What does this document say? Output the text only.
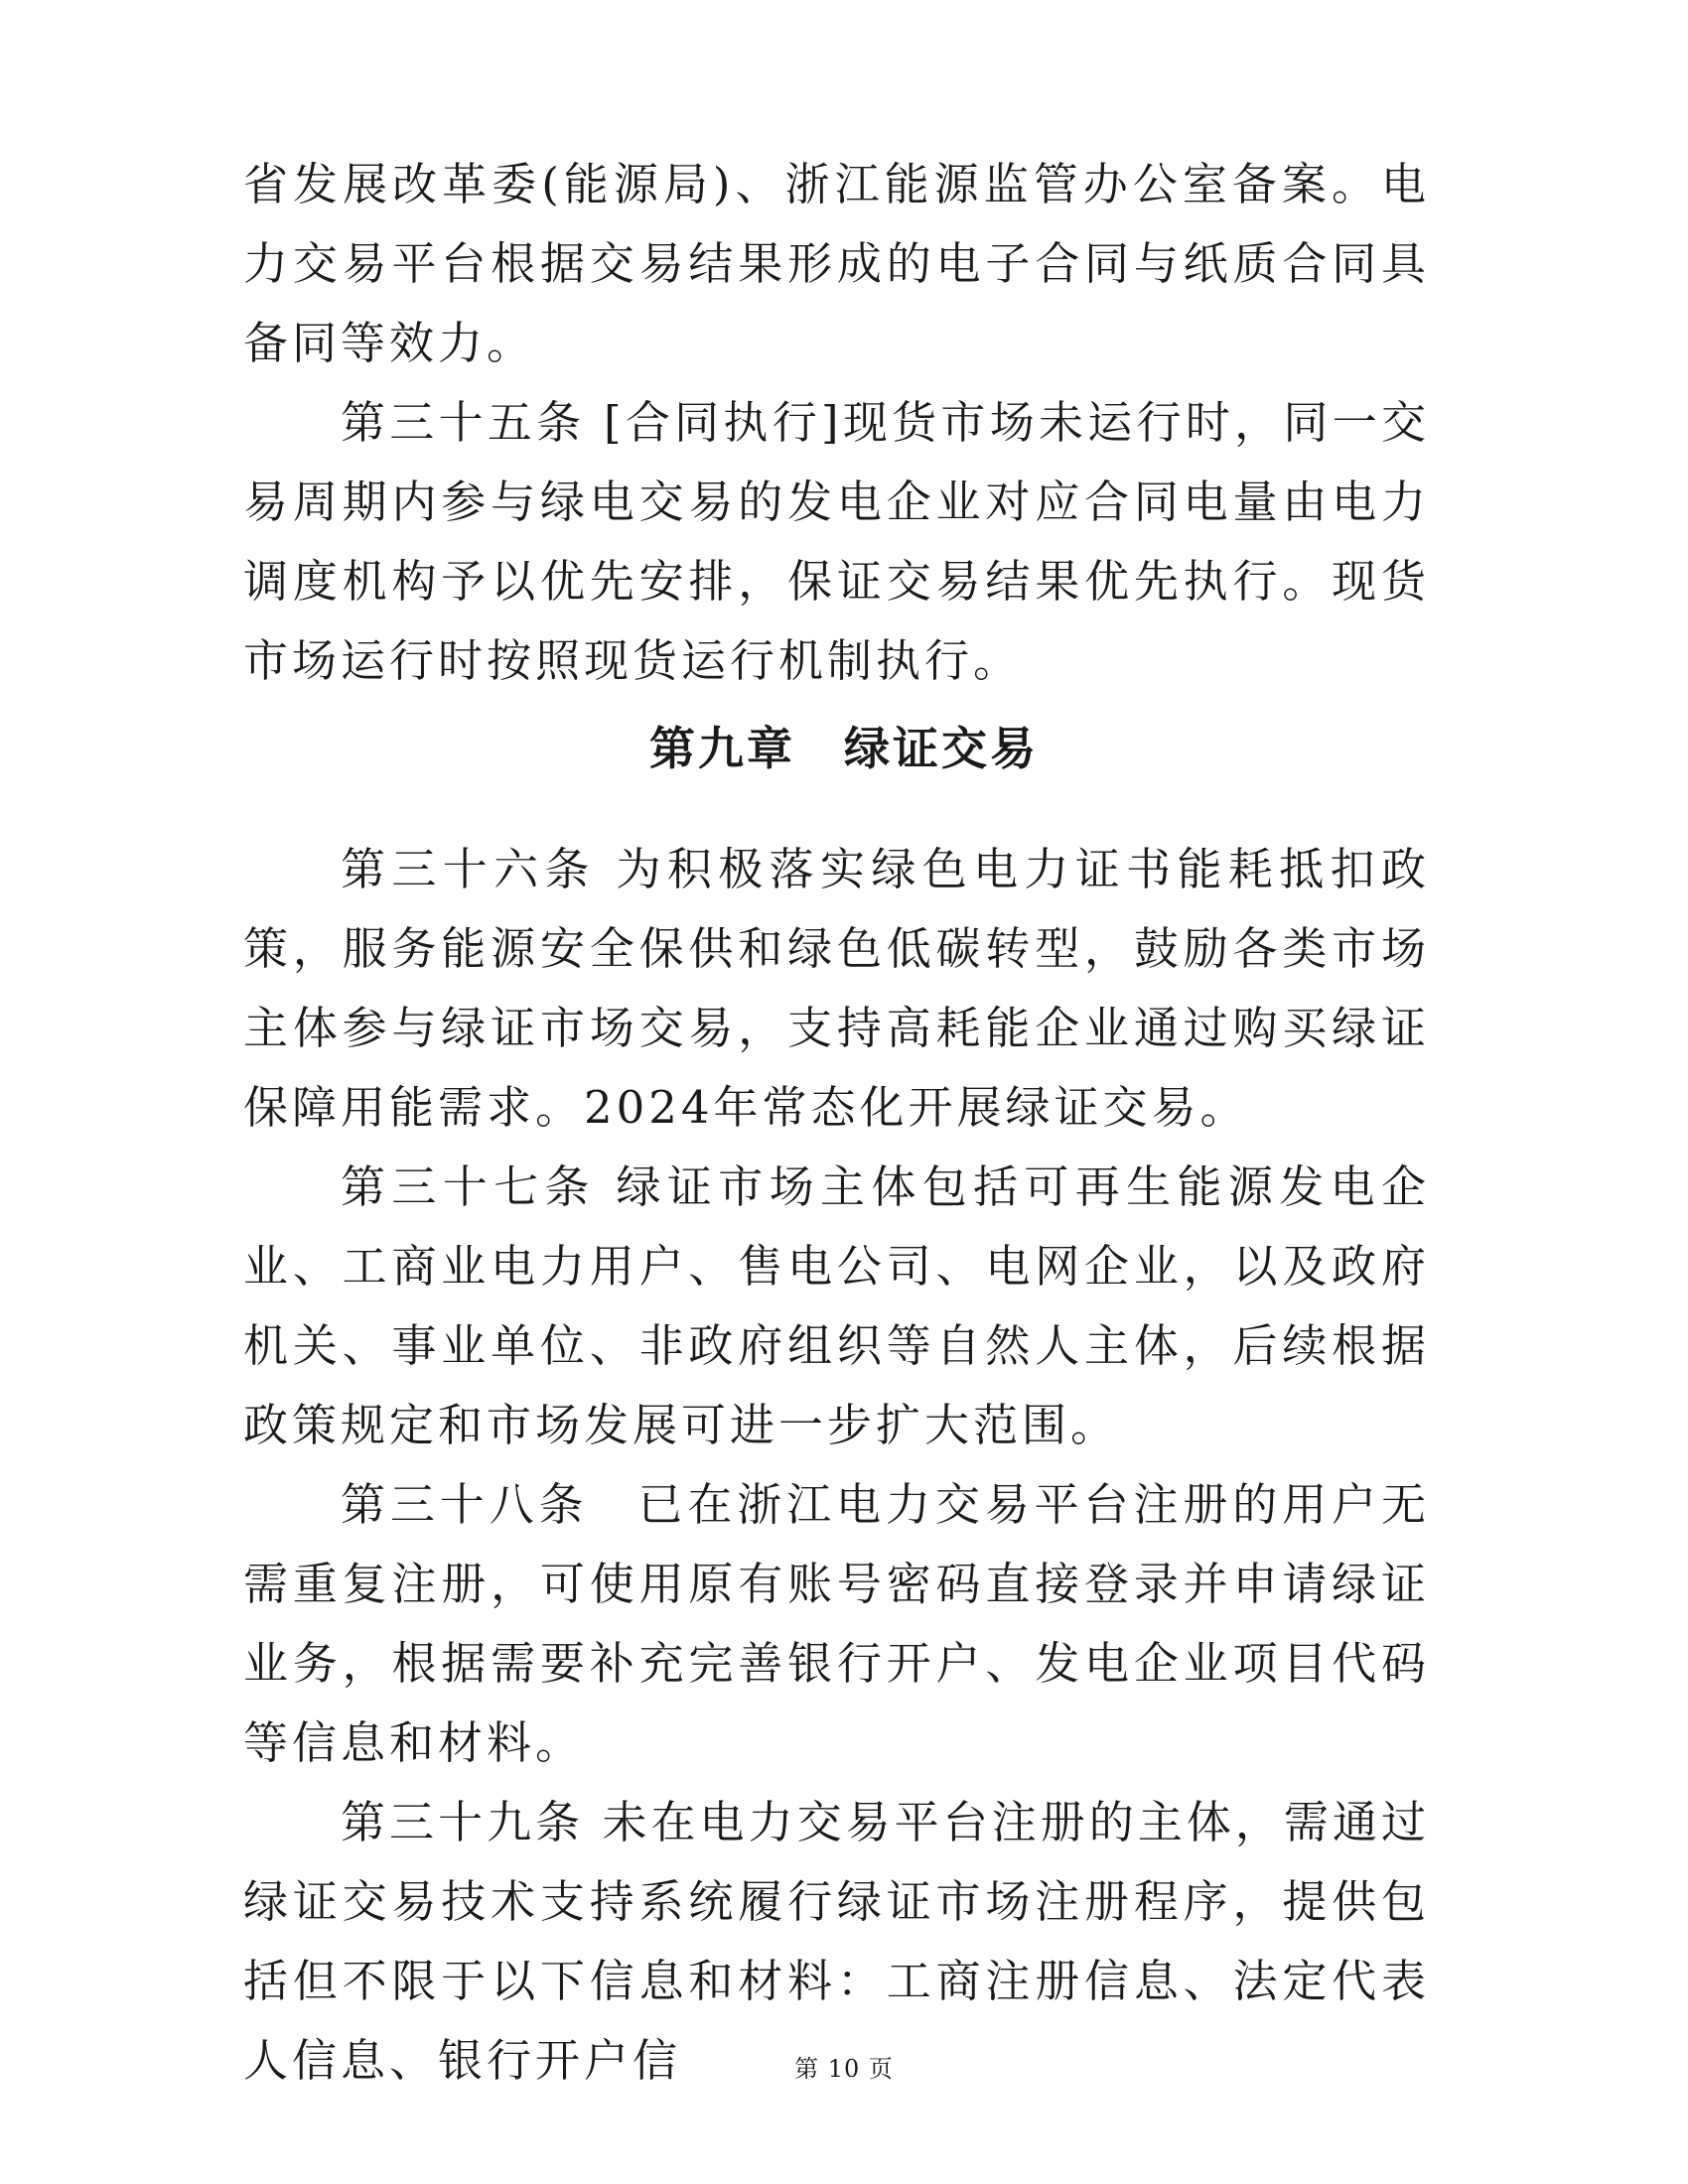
省发展改革委(能源局)、浙江能源监管办公室备案。电力交易平台根据交易结果形成的电子合同与纸质合同具备同等效力。

第三十五条 [合同执行]现货市场未运行时，同一交易周期内参与绿电交易的发电企业对应合同电量由电力调度机构予以优先安排，保证交易结果优先执行。现货市场运行时按照现货运行机制执行。

第九章　绿证交易

第三十六条 为积极落实绿色电力证书能耗抵扣政策，服务能源安全保供和绿色低碳转型，鼓励各类市场主体参与绿证市场交易，支持高耗能企业通过购买绿证保障用能需求。2024年常态化开展绿证交易。

第三十七条 绿证市场主体包括可再生能源发电企业、工商业电力用户、售电公司、电网企业，以及政府机关、事业单位、非政府组织等自然人主体，后续根据政策规定和市场发展可进一步扩大范围。

第三十八条　已在浙江电力交易平台注册的用户无需重复注册，可使用原有账号密码直接登录并申请绿证业务，根据需要补充完善银行开户、发电企业项目代码等信息和材料。

第三十九条 未在电力交易平台注册的主体，需通过绿证交易技术支持系统履行绿证市场注册程序，提供包括但不限于以下信息和材料：工商注册信息、法定代表人信息、银行开户信	第 10 页
